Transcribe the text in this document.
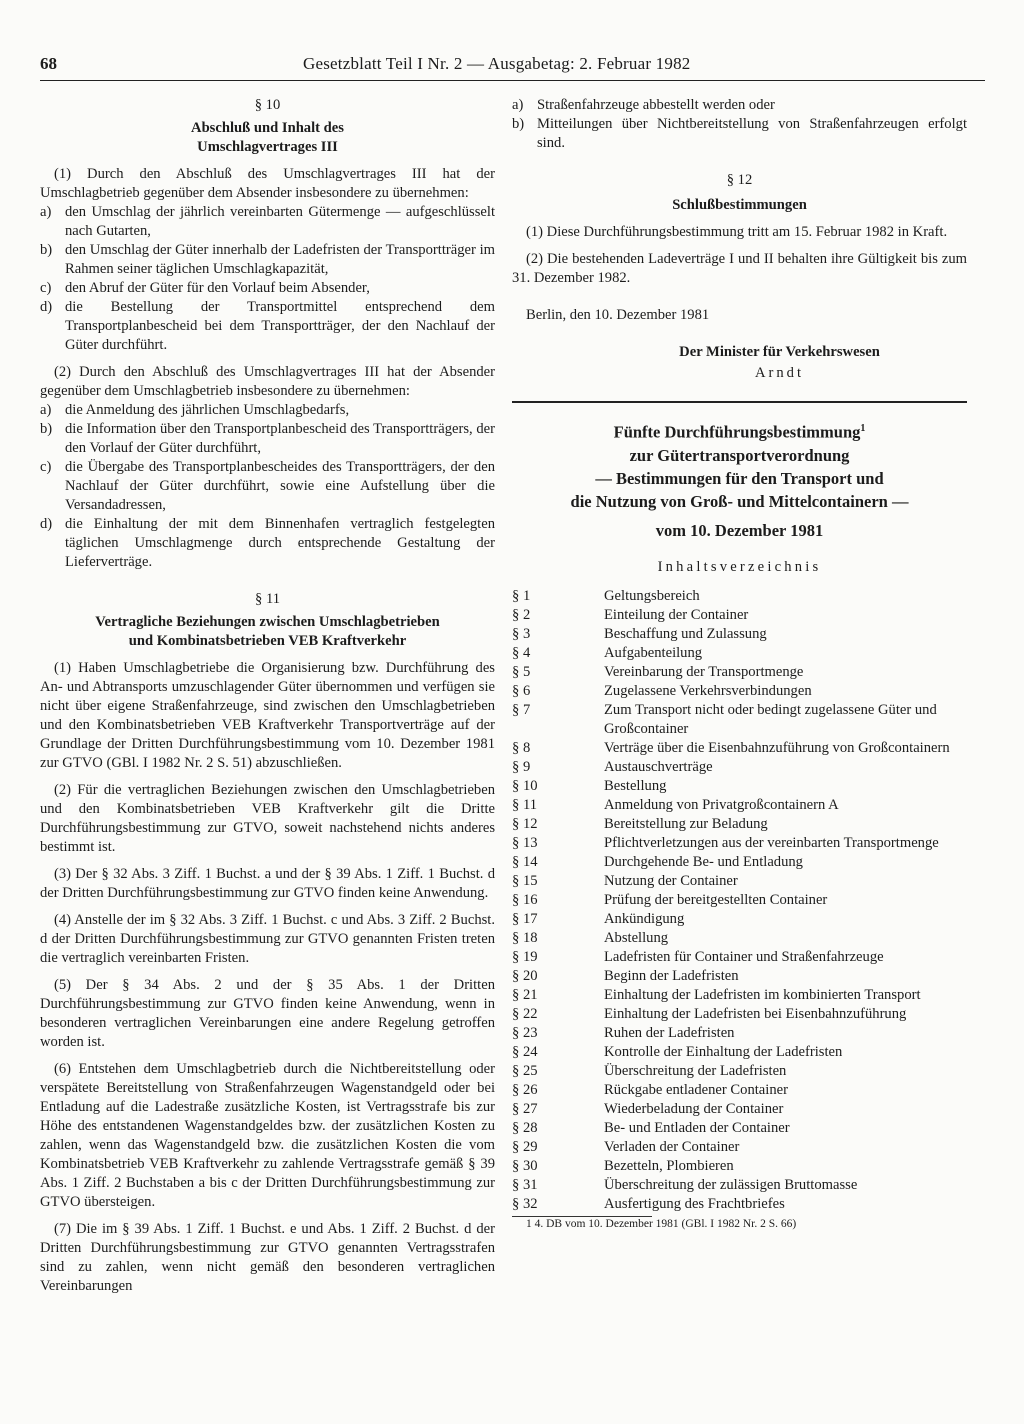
68	Gesetzblatt Teil I Nr. 2 — Ausgabetag: 2. Februar 1982

§ 10

Abschluß und Inhalt des

Umschlagvertrages III

(1) Durch den Abschluß des Umschlagvertrages III hat der Umschlagbetrieb gegenüber dem Absender insbesondere zu übernehmen:

a) den Umschlag der jährlich vereinbarten Gütermenge — aufgeschlüsselt nach Gutarten,
b) den Umschlag der Güter innerhalb der Ladefristen der Transportträger im Rahmen seiner täglichen Umschlagkapazität,
c) den Abruf der Güter für den Vorlauf beim Absender,
d) die Bestellung der Transportmittel entsprechend dem Transportplanbescheid bei dem Transportträger, der den Nachlauf der Güter durchführt.

(2) Durch den Abschluß des Umschlagvertrages III hat der Absender gegenüber dem Umschlagbetrieb insbesondere zu übernehmen:

a) die Anmeldung des jährlichen Umschlagbedarfs,
b) die Information über den Transportplanbescheid des Transportträgers, der den Vorlauf der Güter durchführt,
c) die Übergabe des Transportplanbescheides des Transportträgers, der den Nachlauf der Güter durchführt, sowie eine Aufstellung über die Versandadressen,
d) die Einhaltung der mit dem Binnenhafen vertraglich festgelegten täglichen Umschlagmenge durch entsprechende Gestaltung der Lieferverträge.

§ 11

Vertragliche Beziehungen zwischen Umschlagbetrieben

und Kombinatsbetrieben VEB Kraftverkehr

(1) Haben Umschlagbetriebe die Organisierung bzw. Durchführung des An- und Abtransports umzuschlagender Güter übernommen und verfügen sie nicht über eigene Straßenfahrzeuge, sind zwischen den Umschlagbetrieben und den Kombinatsbetrieben VEB Kraftverkehr Transportverträge auf der Grundlage der Dritten Durchführungsbestimmung vom 10. Dezember 1981 zur GTVO (GBl. I 1982 Nr. 2 S. 51) abzuschließen.

(2) Für die vertraglichen Beziehungen zwischen den Umschlagbetrieben und den Kombinatsbetrieben VEB Kraftverkehr gilt die Dritte Durchführungsbestimmung zur GTVO, soweit nachstehend nichts anderes bestimmt ist.

(3) Der § 32 Abs. 3 Ziff. 1 Buchst. a und der § 39 Abs. 1 Ziff. 1 Buchst. d der Dritten Durchführungsbestimmung zur GTVO finden keine Anwendung.

(4) Anstelle der im § 32 Abs. 3 Ziff. 1 Buchst. c und Abs. 3 Ziff. 2 Buchst. d der Dritten Durchführungsbestimmung zur GTVO genannten Fristen treten die vertraglich vereinbarten Fristen.

(5) Der § 34 Abs. 2 und der § 35 Abs. 1 der Dritten Durchführungsbestimmung zur GTVO finden keine Anwendung, wenn in besonderen vertraglichen Vereinbarungen eine andere Regelung getroffen worden ist.

(6) Entstehen dem Umschlagbetrieb durch die Nichtbereitstellung oder verspätete Bereitstellung von Straßenfahrzeugen Wagenstandgeld oder bei Entladung auf die Ladestraße zusätzliche Kosten, ist Vertragsstrafe bis zur Höhe des entstandenen Wagenstandgeldes bzw. der zusätzlichen Kosten zu zahlen, wenn das Wagenstandgeld bzw. die zusätzlichen Kosten die vom Kombinatsbetrieb VEB Kraftverkehr zu zahlende Vertragsstrafe gemäß § 39 Abs. 1 Ziff. 2 Buchstaben a bis c der Dritten Durchführungsbestimmung zur GTVO übersteigen.

(7) Die im § 39 Abs. 1 Ziff. 1 Buchst. e und Abs. 1 Ziff. 2 Buchst. d der Dritten Durchführungsbestimmung zur GTVO genannten Vertragsstrafen sind zu zahlen, wenn nicht gemäß den besonderen vertraglichen Vereinbarungen

a) Straßenfahrzeuge abbestellt werden oder
b) Mitteilungen über Nichtbereitstellung von Straßenfahrzeugen erfolgt sind.

§ 12

Schlußbestimmungen

(1) Diese Durchführungsbestimmung tritt am 15. Februar 1982 in Kraft.

(2) Die bestehenden Ladeverträge I und II behalten ihre Gültigkeit bis zum 31. Dezember 1982.

Berlin, den 10. Dezember 1981

Der Minister für Verkehrswesen

Arndt

Fünfte Durchführungsbestimmung$^1$

zur Gütertransportverordnung

— Bestimmungen für den Transport und

die Nutzung von Groß- und Mittelcontainern —

vom 10. Dezember 1981

Inhaltsverzeichnis

§ 1	Geltungsbereich
§ 2	Einteilung der Container
§ 3	Beschaffung und Zulassung
§ 4	Aufgabenteilung
§ 5	Vereinbarung der Transportmenge
§ 6	Zugelassene Verkehrsverbindungen
§ 7	Zum Transport nicht oder bedingt zugelassene Güter und Großcontainer
§ 8	Verträge über die Eisenbahnzuführung von Großcontainern
§ 9	Austauschverträge
§ 10	Bestellung
§ 11	Anmeldung von Privatgroßcontainern A
§ 12	Bereitstellung zur Beladung
§ 13	Pflichtverletzungen aus der vereinbarten Transportmenge
§ 14	Durchgehende Be- und Entladung
§ 15	Nutzung der Container
§ 16	Prüfung der bereitgestellten Container
§ 17	Ankündigung
§ 18	Abstellung
§ 19	Ladefristen für Container und Straßenfahrzeuge
§ 20	Beginn der Ladefristen
§ 21	Einhaltung der Ladefristen im kombinierten Transport
§ 22	Einhaltung der Ladefristen bei Eisenbahnzuführung
§ 23	Ruhen der Ladefristen
§ 24	Kontrolle der Einhaltung der Ladefristen
§ 25	Überschreitung der Ladefristen
§ 26	Rückgabe entladener Container
§ 27	Wiederbeladung der Container
§ 28	Be- und Entladen der Container
§ 29	Verladen der Container
§ 30	Bezetteln, Plombieren
§ 31	Überschreitung der zulässigen Bruttomasse
§ 32	Ausfertigung des Frachtbriefes

1 4. DB vom 10. Dezember 1981 (GBl. I 1982 Nr. 2 S. 66)
